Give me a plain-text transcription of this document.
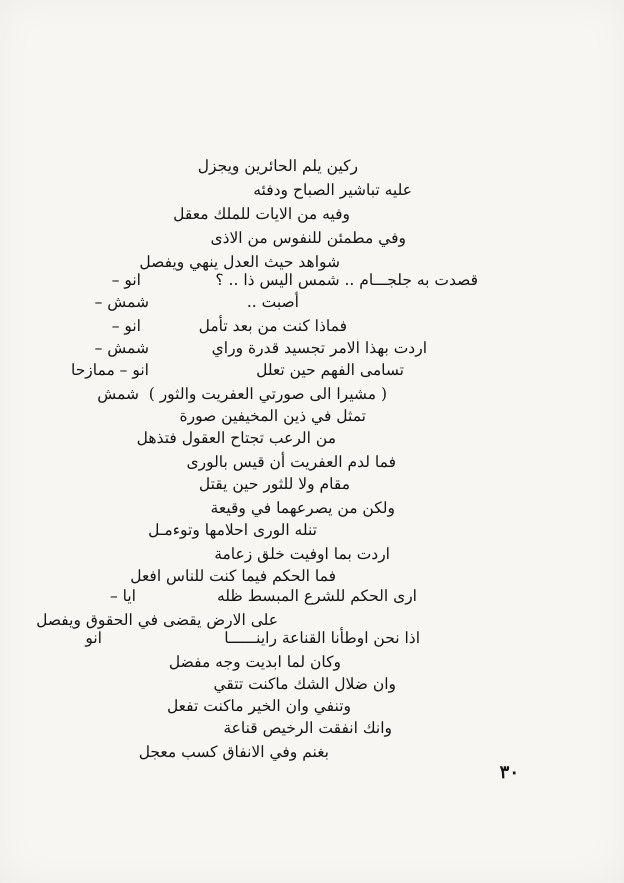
ركين يلم الحائرين ويجزل
عليه تباشير الصباح ودفئه
وفيه من الايات للملك معقل
وفي مطمئن للنفوس من الاذى
شواهد حيث العدل ينهي ويفصل
انو –	قصدت به جلجـــام .. شمس اليس ذا .. ؟
شمش –	أصبت ..
انو –	فماذا كنت من بعد تأمل
شمش –	اردت بهذا الامر تجسيد قدرة وراي
انو – ممازحا	تسامى الفهم حين تعلل
شمش ( مشيرا الى صورتي العفريت والثور )
تمثل في ذين المخيفين صورة
من الرعب تجتاح العقول فتذهل
فما لدم العفريت أن قيس بالورى
مقام ولا للثور حين يقتل
ولكن من يصرعهما في وقيعة
تنله الورى احلامها وتوءمـل
اردت بما اوفيت خلق زعامة
فما الحكم فيما كنت للناس افعل
ايا –	ارى الحكم للشرع المبسط ظله
على الارض يقضى في الحقوق ويفصل
انو	اذا نحن اوطأنا القناعة راينــــــا
وكان لما ابديت وجه مفضل
وان ضلال الشك ماكنت تتقي
وتنفي وان الخير ماكنت تفعل
وانك انفقت الرخيص قناعة
بغنم وفي الانفاق كسب معجل
٣٠
